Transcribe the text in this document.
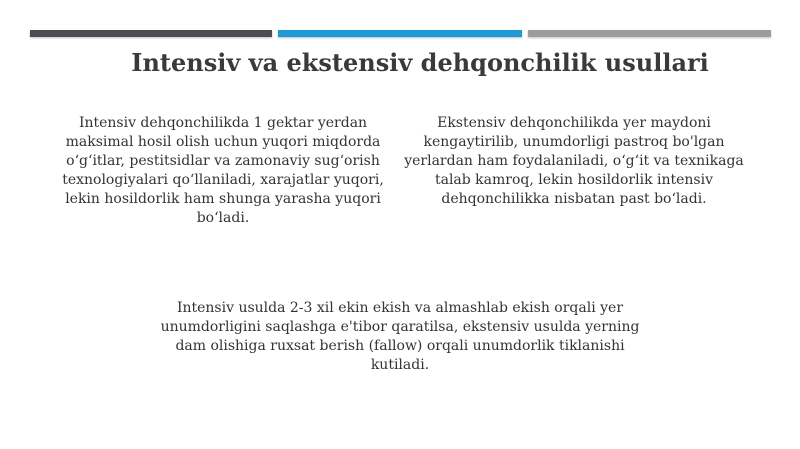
Intensiv va ekstensiv dehqonchilik usullari

Intensiv dehqonchilikda 1 gektar yerdan maksimal hosil olish uchun yuqori miqdorda o‘g‘itlar, pestitsidlar va zamonaviy sug‘orish texnologiyalari qo‘llaniladi, xarajatlar yuqori, lekin hosildorlik ham shunga yarasha yuqori bo‘ladi.

Ekstensiv dehqonchilikda yer maydoni kengaytirilib, unumdorligi pastroq bo'lgan yerlardan ham foydalaniladi, o‘g‘it va texnikaga talab kamroq, lekin hosildorlik intensiv dehqonchilikka nisbatan past bo‘ladi.

Intensiv usulda 2-3 xil ekin ekish va almashlab ekish orqali yer unumdorligini saqlashga e'tibor qaratilsa, ekstensiv usulda yerning dam olishiga ruxsat berish (fallow) orqali unumdorlik tiklanishi kutiladi.
